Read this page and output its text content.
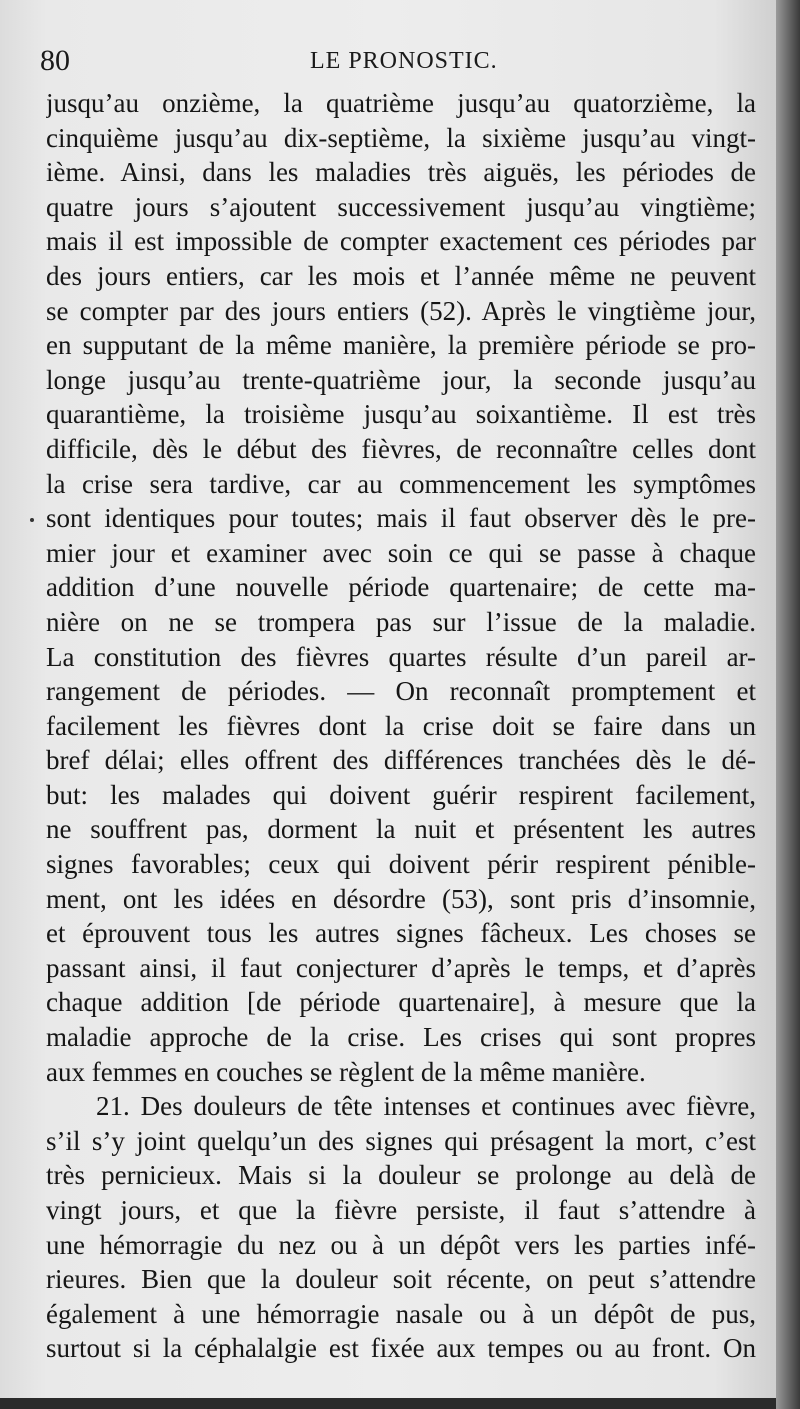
80	LE PRONOSTIC.
jusqu’au onzième, la quatrième jusqu’au quatorzième, la
cinquième jusqu’au dix-septième, la sixième jusqu’au vingt-
ième. Ainsi, dans les maladies très aiguës, les périodes de
quatre jours s’ajoutent successivement jusqu’au vingtième;
mais il est impossible de compter exactement ces périodes par
des jours entiers, car les mois et l’année même ne peuvent
se compter par des jours entiers (52). Après le vingtième jour,
en supputant de la même manière, la première période se pro-
longe jusqu’au trente-quatrième jour, la seconde jusqu’au
quarantième, la troisième jusqu’au soixantième. Il est très
difficile, dès le début des fièvres, de reconnaître celles dont
la crise sera tardive, car au commencement les symptômes
sont identiques pour toutes; mais il faut observer dès le pre-
mier jour et examiner avec soin ce qui se passe à chaque
addition d’une nouvelle période quartenaire; de cette ma-
nière on ne se trompera pas sur l’issue de la maladie.
La constitution des fièvres quartes résulte d’un pareil ar-
rangement de périodes. — On reconnaît promptement et
facilement les fièvres dont la crise doit se faire dans un
bref délai; elles offrent des différences tranchées dès le dé-
but: les malades qui doivent guérir respirent facilement,
ne souffrent pas, dorment la nuit et présentent les autres
signes favorables; ceux qui doivent périr respirent pénible-
ment, ont les idées en désordre (53), sont pris d’insomnie,
et éprouvent tous les autres signes fâcheux. Les choses se
passant ainsi, il faut conjecturer d’après le temps, et d’après
chaque addition [de période quartenaire], à mesure que la
maladie approche de la crise. Les crises qui sont propres
aux femmes en couches se règlent de la même manière.
21. Des douleurs de tête intenses et continues avec fièvre,
s’il s’y joint quelqu’un des signes qui présagent la mort, c’est
très pernicieux. Mais si la douleur se prolonge au delà de
vingt jours, et que la fièvre persiste, il faut s’attendre à
une hémorragie du nez ou à un dépôt vers les parties infé-
rieures. Bien que la douleur soit récente, on peut s’attendre
également à une hémorragie nasale ou à un dépôt de pus,
surtout si la céphalalgie est fixée aux tempes ou au front. On
